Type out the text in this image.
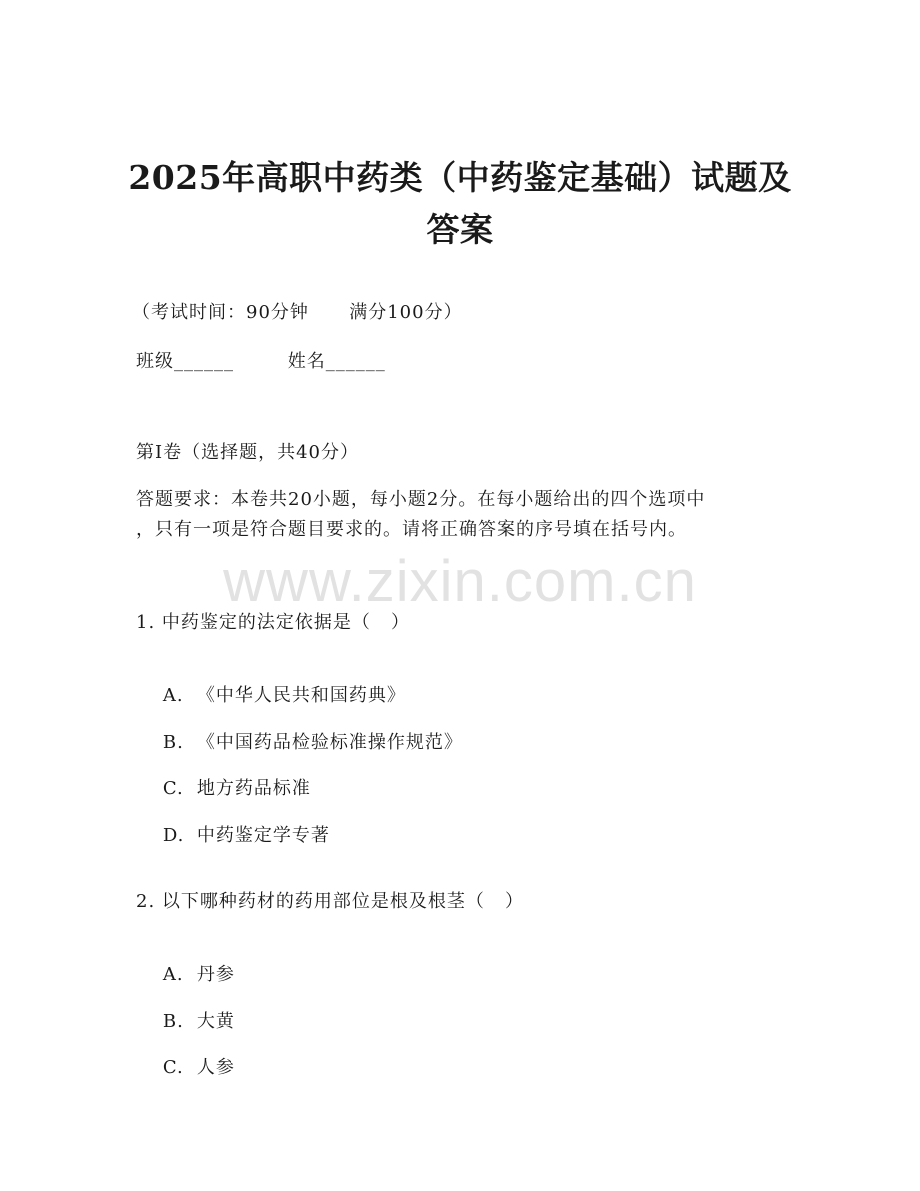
2025年高职中药类（中药鉴定基础）试题及
答案
（考试时间：90分钟      满分100分）
班级______        姓名______
第I卷（选择题，共40分）
答题要求：本卷共20小题，每小题2分。在每小题给出的四个选项中
，只有一项是符合题目要求的。请将正确答案的序号填在括号内。
www.zixin.com.cn
1. 中药鉴定的法定依据是（   ）

A. 《中华人民共和国药典》

B. 《中国药品检验标准操作规范》

C. 地方药品标准

D. 中药鉴定学专著

2. 以下哪种药材的药用部位是根及根茎（   ）

A. 丹参

B. 大黄

C. 人参
